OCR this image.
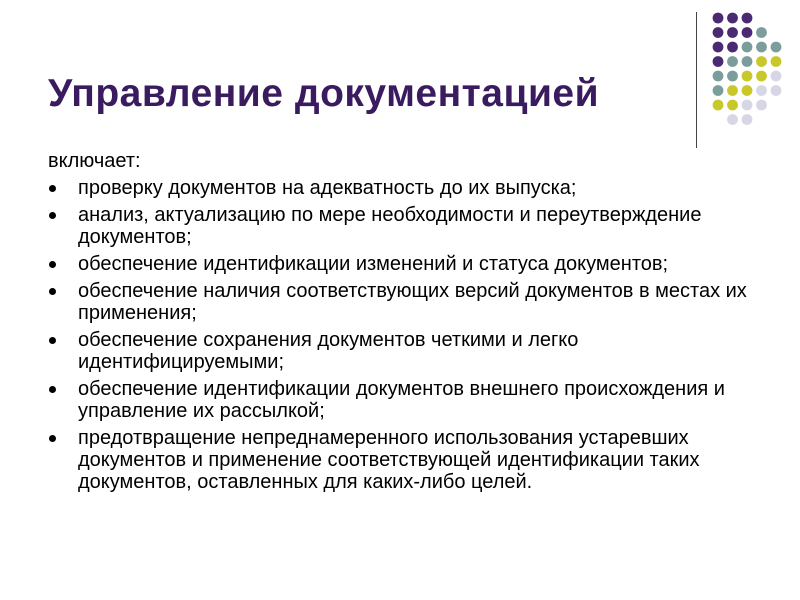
Управление документацией

включает:

проверку документов на адекватность до их выпуска;
анализ, актуализацию по мере необходимости и переутверждение документов;
обеспечение идентификации изменений и статуса документов;
обеспечение наличия соответствующих версий документов в местах их применения;
обеспечение сохранения документов четкими и легко идентифицируемыми;
обеспечение идентификации документов внешнего происхождения и управление их рассылкой;
предотвращение непреднамеренного использования устаревших документов и применение соответствующей идентификации таких документов, оставленных для каких-либо целей.
